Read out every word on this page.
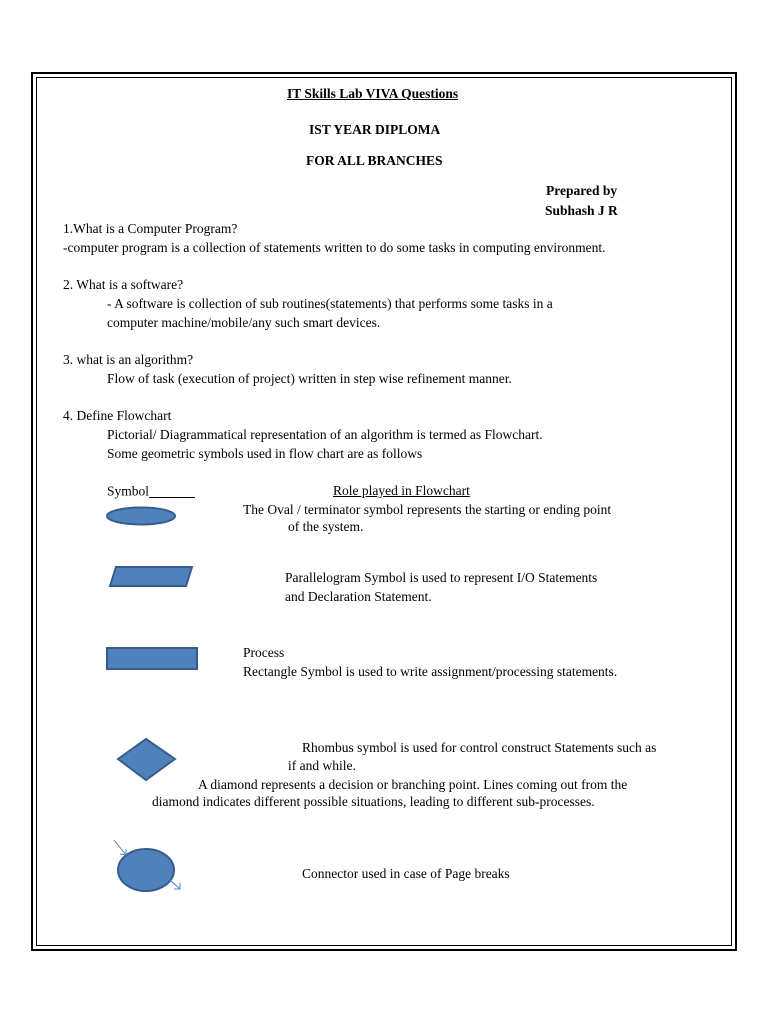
IT Skills Lab VIVA Questions
IST YEAR DIPLOMA
FOR ALL BRANCHES
Prepared by
Subhash J R
1.What is a Computer Program?
-computer program is a collection of statements written to do some tasks in computing environment.
2. What is a software?
- A software is collection of sub routines(statements) that performs some tasks in a
computer machine/mobile/any such smart devices.
3. what is an algorithm?
Flow of task (execution of project) written in step wise refinement manner.
4. Define Flowchart
Pictorial/ Diagrammatical representation of an algorithm is termed as Flowchart.
Some geometric symbols used in flow chart are as follows
Symbol	Role played in Flowchart
The Oval / terminator symbol represents the starting or ending point
of the system.
Parallelogram Symbol is used to represent I/O Statements
and Declaration Statement.
Process
Rectangle Symbol is used to write assignment/processing statements.
Rhombus symbol is used for control construct Statements such as
if and while.
A diamond represents a decision or branching point. Lines coming out from the
diamond indicates different possible situations, leading to different sub-processes.
Connector used in case of Page breaks
